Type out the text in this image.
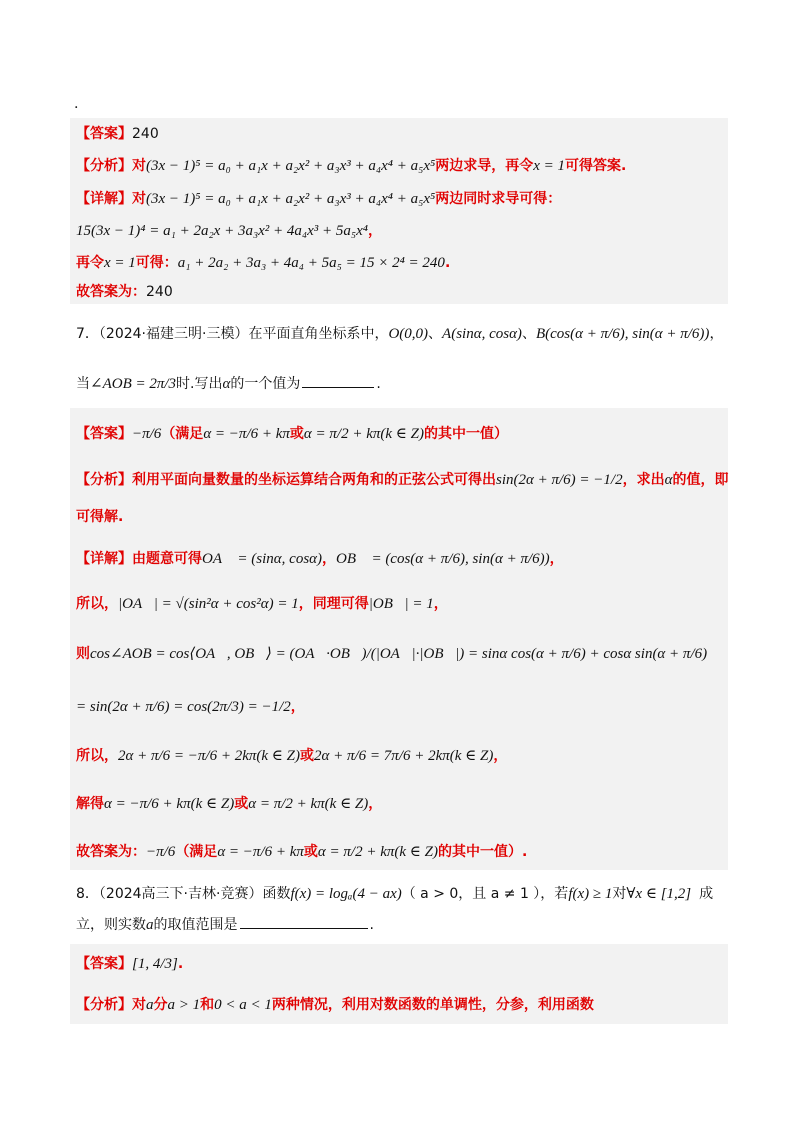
.
【答案】240
【分析】对(3x − 1)⁵ = a₀ + a₁x + a₂x² + a₃x³ + a₄x⁴ + a₅x⁵两边求导，再令x = 1可得答案.
【详解】对(3x − 1)⁵ = a₀ + a₁x + a₂x² + a₃x³ + a₄x⁴ + a₅x⁵两边同时求导可得：
15(3x − 1)⁴ = a₁ + 2a₂x + 3a₃x² + 4a₄x³ + 5a₅x⁴，
再令x = 1可得：a₁ + 2a₂ + 3a₃ + 4a₄ + 5a₅ = 15 × 2⁴ = 240.
故答案为：240
7．（2024·福建三明·三模）在平面直角坐标系中，O(0,0)、A(sinα, cosα)、B(cos(α + π/6), sin(α + π/6))，
当∠AOB = 2π/3时.写出α的一个值为	.
【答案】−π/6（满足α = −π/6 + kπ或α = π/2 + kπ(k ∈ Z)的其中一值）
【分析】利用平面向量数量的坐标运算结合两角和的正弦公式可得出sin(2α + π/6) = −1/2，求出α的值，即
可得解.
【详解】由题意可得OA⃗ = (sinα, cosα)，OB⃗ = (cos(α + π/6), sin(α + π/6))，
所以，|OA⃗| = √(sin²α + cos²α) = 1，同理可得|OB⃗| = 1，
则cos∠AOB = cos⟨OA⃗, OB⃗⟩ = (OA⃗·OB⃗)/(|OA⃗|·|OB⃗|) = sinα cos(α + π/6) + cosα sin(α + π/6)
= sin(2α + π/6) = cos(2π/3) = −1/2，
所以，2α + π/6 = −π/6 + 2kπ(k ∈ Z)或2α + π/6 = 7π/6 + 2kπ(k ∈ Z)，
解得α = −π/6 + kπ(k ∈ Z)或α = π/2 + kπ(k ∈ Z)，
故答案为：−π/6（满足α = −π/6 + kπ或α = π/2 + kπ(k ∈ Z)的其中一值）.
8．（2024高三下·吉林·竞赛）函数f(x) = logₐ(4 − ax)（ a > 0，且 a ≠ 1 ），若f(x) ≥ 1对∀x ∈ [1,2] 成
立，则实数a的取值范围是	.
【答案】[1, 4/3].
【分析】对a分a > 1和0 < a < 1两种情况，利用对数函数的单调性，分参，利用函数
